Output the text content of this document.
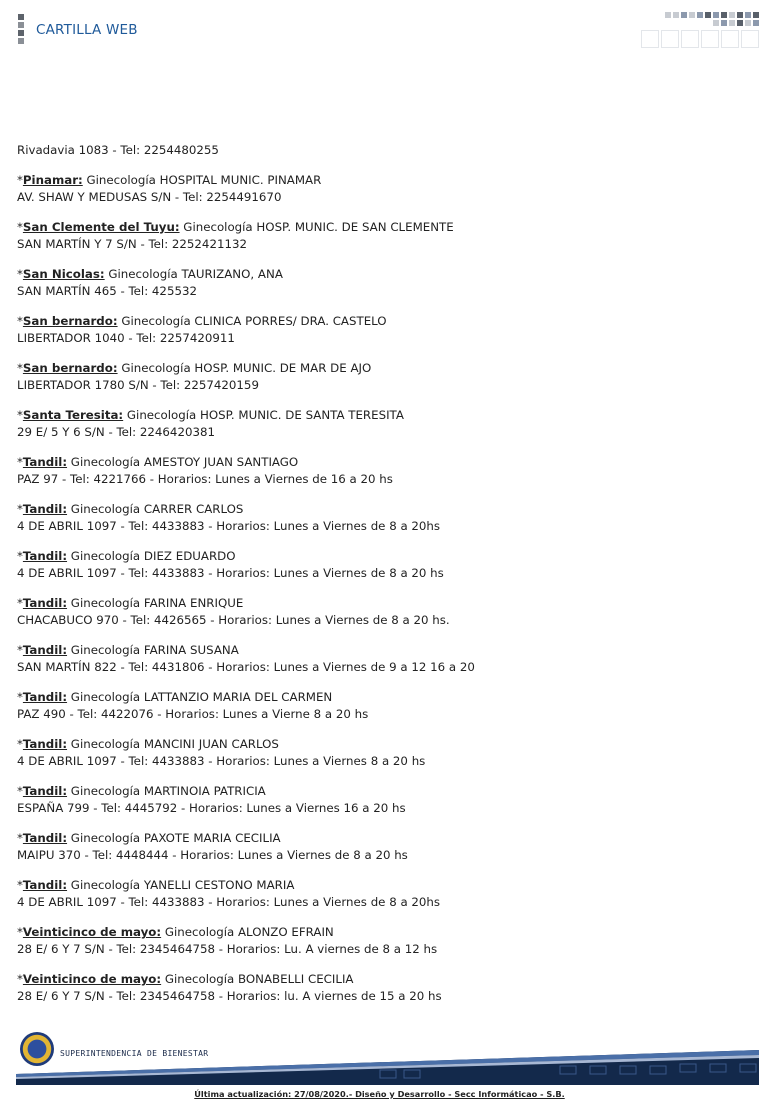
CARTILLA WEB
Rivadavia 1083 - Tel: 2254480255
*Pinamar: Ginecología HOSPITAL MUNIC. PINAMAR
AV. SHAW Y MEDUSAS S/N - Tel: 2254491670
*San Clemente del Tuyu: Ginecología HOSP. MUNIC. DE SAN CLEMENTE
SAN MARTÍN Y 7 S/N - Tel: 2252421132
*San Nicolas: Ginecología TAURIZANO, ANA
SAN MARTÍN 465 - Tel: 425532
*San bernardo: Ginecología CLINICA PORRES/ DRA. CASTELO
LIBERTADOR 1040 - Tel: 2257420911
*San bernardo: Ginecología HOSP. MUNIC. DE MAR DE AJO
LIBERTADOR 1780 S/N - Tel: 2257420159
*Santa Teresita: Ginecología HOSP. MUNIC. DE SANTA TERESITA
29 E/ 5 Y 6 S/N - Tel: 2246420381
*Tandil: Ginecología AMESTOY JUAN SANTIAGO
PAZ 97 - Tel: 4221766 - Horarios: Lunes a Viernes de 16 a 20 hs
*Tandil: Ginecología CARRER CARLOS
4 DE ABRIL 1097 - Tel: 4433883 - Horarios: Lunes a Viernes de 8 a 20hs
*Tandil: Ginecología DIEZ EDUARDO
4 DE ABRIL 1097 - Tel: 4433883 - Horarios: Lunes a Viernes de 8 a 20 hs
*Tandil: Ginecología FARINA ENRIQUE
CHACABUCO 970 - Tel: 4426565 - Horarios: Lunes a Viernes de 8 a 20 hs.
*Tandil: Ginecología FARINA SUSANA
SAN MARTÍN 822 - Tel: 4431806 - Horarios: Lunes a Viernes de 9 a 12 16 a 20
*Tandil: Ginecología LATTANZIO MARIA DEL CARMEN
PAZ 490 - Tel: 4422076 - Horarios: Lunes a Vierne 8 a 20 hs
*Tandil: Ginecología MANCINI JUAN CARLOS
4 DE ABRIL 1097 - Tel: 4433883 - Horarios: Lunes a Viernes 8 a 20 hs
*Tandil: Ginecología MARTINOIA PATRICIA
ESPAÑA 799 - Tel: 4445792 - Horarios: Lunes a Viernes 16 a 20 hs
*Tandil: Ginecología PAXOTE MARIA CECILIA
MAIPU 370 - Tel: 4448444 - Horarios: Lunes a Viernes de 8 a 20 hs
*Tandil: Ginecología YANELLI CESTONO MARIA
4 DE ABRIL 1097 - Tel: 4433883 - Horarios: Lunes a Viernes de 8 a 20hs
*Veinticinco de mayo: Ginecología ALONZO EFRAIN
28 E/ 6 Y 7 S/N - Tel: 2345464758 - Horarios: Lu. A viernes de 8 a 12 hs
*Veinticinco de mayo: Ginecología BONABELLI CECILIA
28 E/ 6 Y 7 S/N - Tel: 2345464758 - Horarios: lu. A viernes de 15 a 20 hs
SUPERINTENDENCIA DE BIENESTAR
Última actualización: 27/08/2020.- Diseño y Desarrollo - Secc Informáticao - S.B.
